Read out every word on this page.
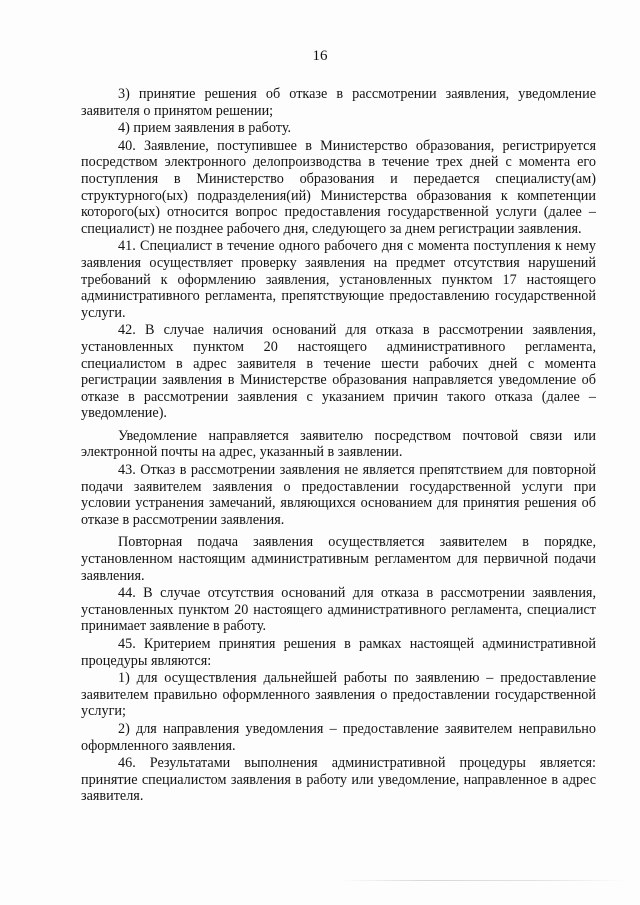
16

3) принятие решения об отказе в рассмотрении заявления, уведомление заявителя о принятом решении;

4) прием заявления в работу.

40. Заявление, поступившее в Министерство образования, регистрируется посредством электронного делопроизводства в течение трех дней с момента его поступления в Министерство образования и передается специалисту(ам) структурного(ых) подразделения(ий) Министерства образования к компетенции которого(ых) относится вопрос предоставления государственной услуги (далее – специалист) не позднее рабочего дня, следующего за днем регистрации заявления.

41. Специалист в течение одного рабочего дня с момента поступления к нему заявления осуществляет проверку заявления на предмет отсутствия нарушений требований к оформлению заявления, установленных пунктом 17 настоящего административного регламента, препятствующие предоставлению государственной услуги.

42. В случае наличия оснований для отказа в рассмотрении заявления, установленных пунктом 20 настоящего административного регламента, специалистом в адрес заявителя в течение шести рабочих дней с момента регистрации заявления в Министерстве образования направляется уведомление об отказе в рассмотрении заявления с указанием причин такого отказа (далее – уведомление).

Уведомление направляется заявителю посредством почтовой связи или электронной почты на адрес, указанный в заявлении.

43. Отказ в рассмотрении заявления не является препятствием для повторной подачи заявителем заявления о предоставлении государственной услуги при условии устранения замечаний, являющихся основанием для принятия решения об отказе в рассмотрении заявления.

Повторная подача заявления осуществляется заявителем в порядке, установленном настоящим административным регламентом для первичной подачи заявления.

44. В случае отсутствия оснований для отказа в рассмотрении заявления, установленных пунктом 20 настоящего административного регламента, специалист принимает заявление в работу.

45. Критерием принятия решения в рамках настоящей административной процедуры являются:

1) для осуществления дальнейшей работы по заявлению – предоставление заявителем правильно оформленного заявления о предоставлении государственной услуги;

2) для направления уведомления – предоставление заявителем неправильно оформленного заявления.

46. Результатами выполнения административной процедуры является: принятие специалистом заявления в работу или уведомление, направленное в адрес заявителя.
